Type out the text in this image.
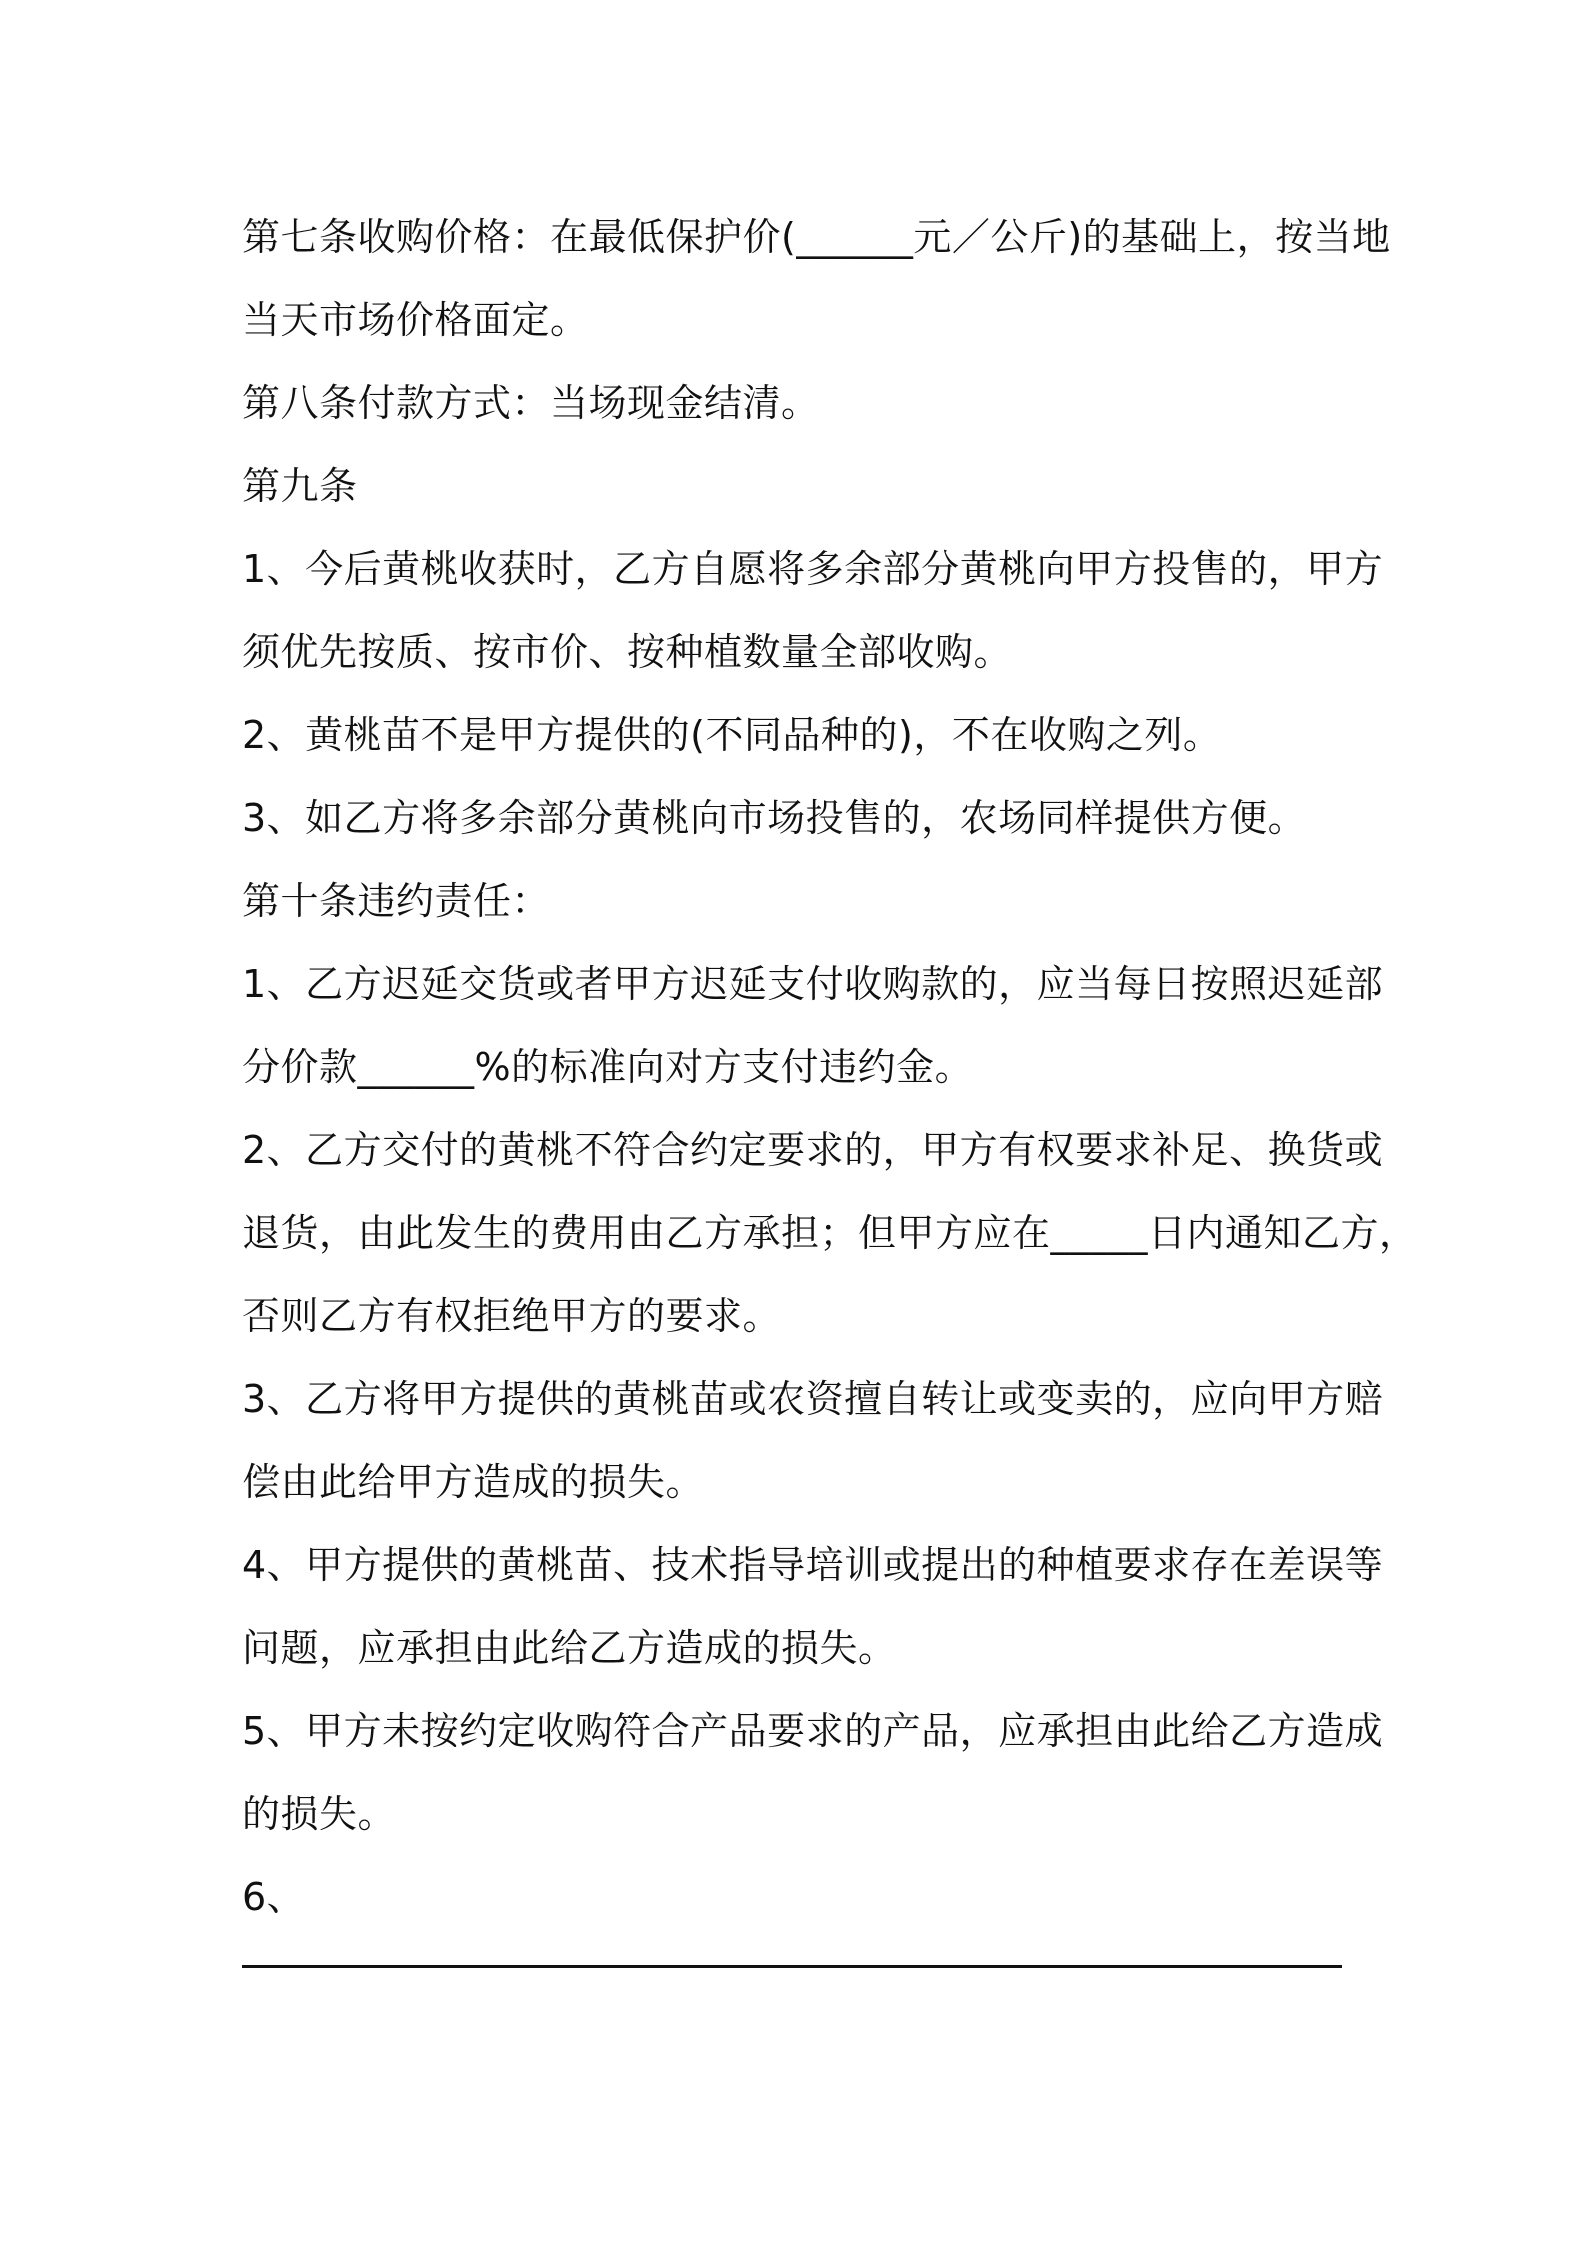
第七条收购价格：在最低保护价(______元／公斤)的基础上，按当地
当天市场价格面定。
第八条付款方式：当场现金结清。
第九条
1、今后黄桃收获时，乙方自愿将多余部分黄桃向甲方投售的，甲方
须优先按质、按市价、按种植数量全部收购。
2、黄桃苗不是甲方提供的(不同品种的)，不在收购之列。
3、如乙方将多余部分黄桃向市场投售的，农场同样提供方便。
第十条违约责任：
1、乙方迟延交货或者甲方迟延支付收购款的，应当每日按照迟延部
分价款______%的标准向对方支付违约金。
2、乙方交付的黄桃不符合约定要求的，甲方有权要求补足、换货或
退货，由此发生的费用由乙方承担；但甲方应在_____日内通知乙方，
否则乙方有权拒绝甲方的要求。
3、乙方将甲方提供的黄桃苗或农资擅自转让或变卖的，应向甲方赔
偿由此给甲方造成的损失。
4、甲方提供的黄桃苗、技术指导培训或提出的种植要求存在差误等
问题，应承担由此给乙方造成的损失。
5、甲方未按约定收购符合产品要求的产品，应承担由此给乙方造成
的损失。
6、
